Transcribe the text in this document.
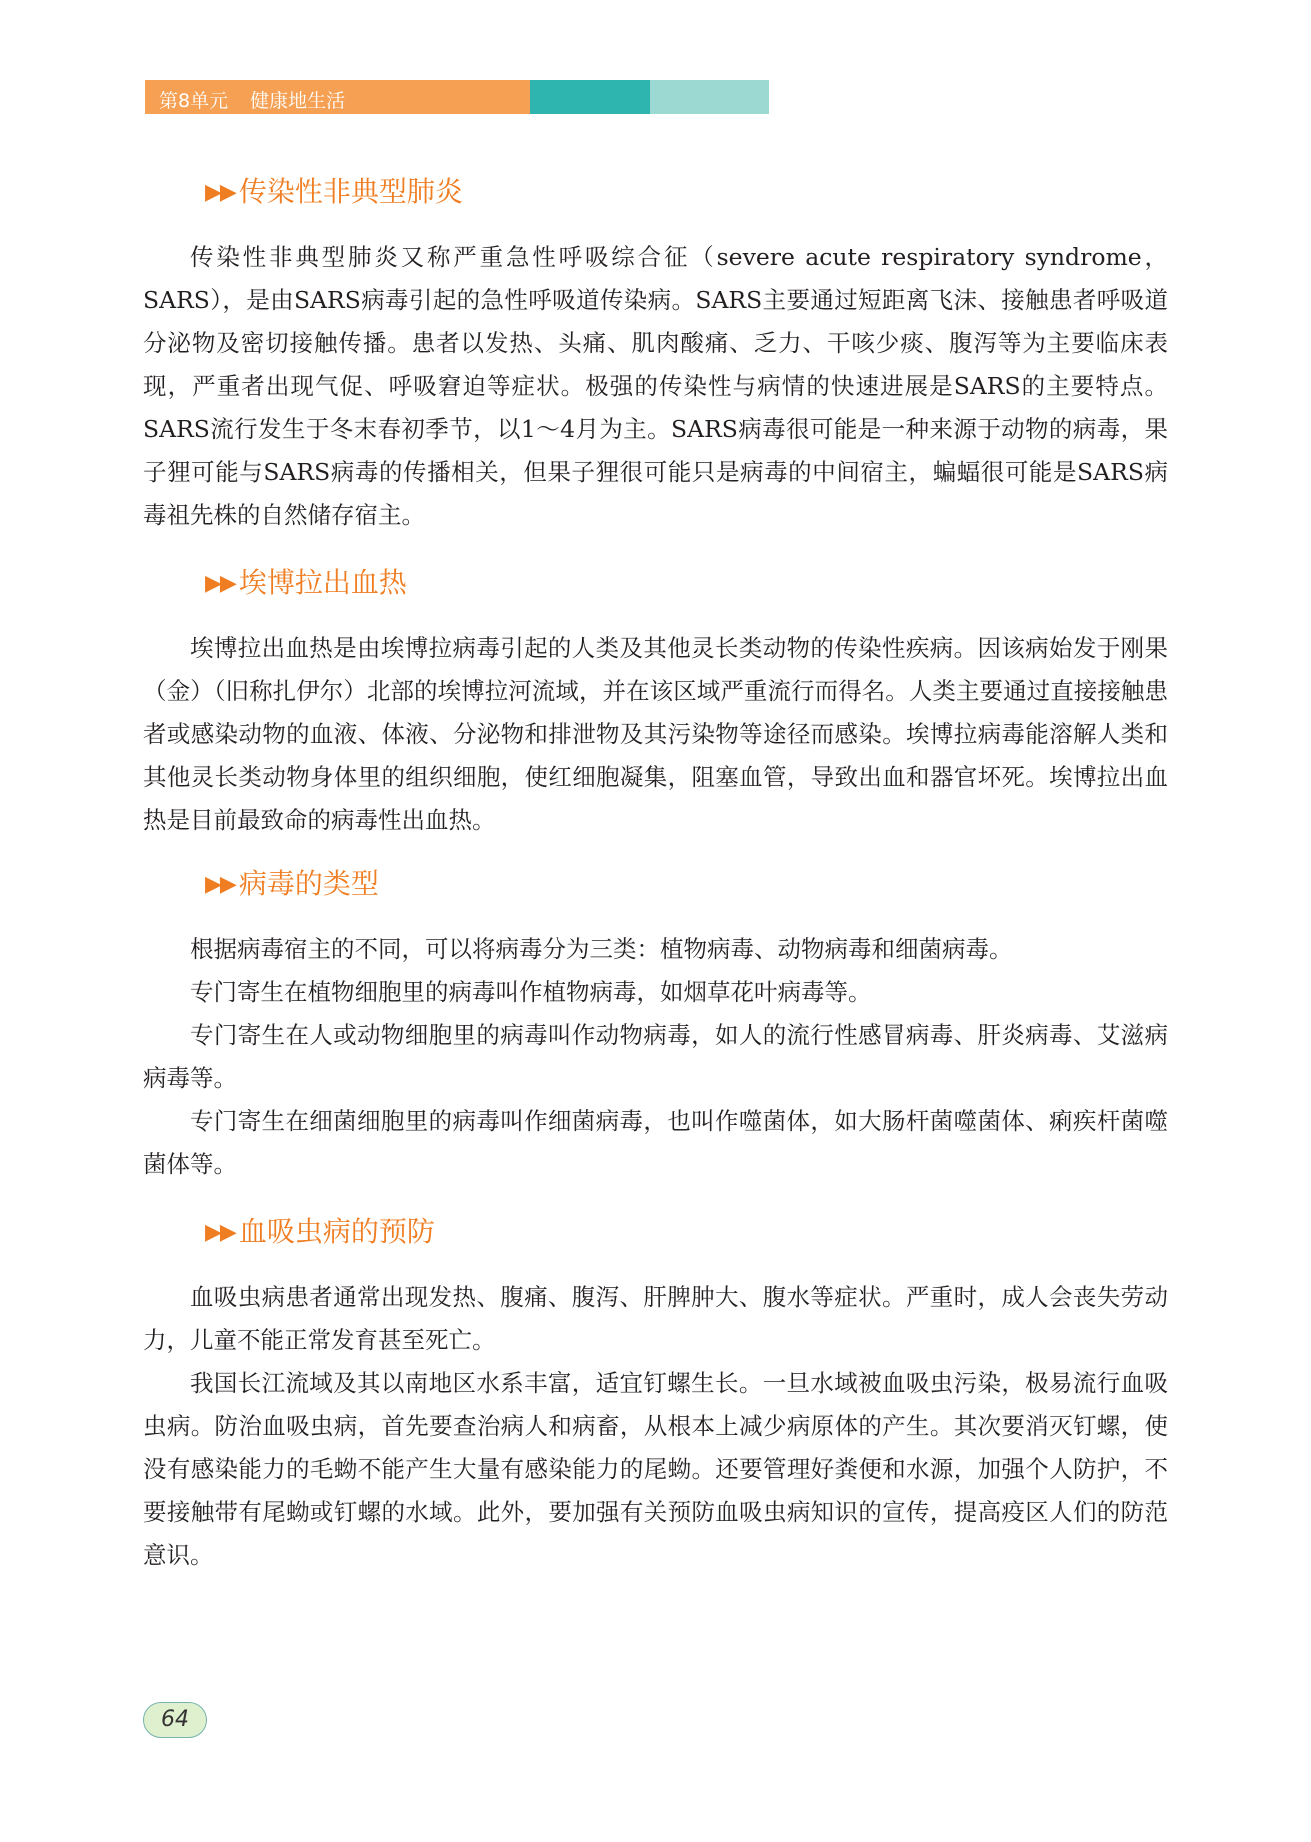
第8单元 健康地生活
▶▶ 传染性非典型肺炎

传染性非典型肺炎又称严重急性呼吸综合征（severe acute respiratory syndrome，SARS），是由SARS病毒引起的急性呼吸道传染病。SARS主要通过短距离飞沫、接触患者呼吸道分泌物及密切接触传播。患者以发热、头痛、肌肉酸痛、乏力、干咳少痰、腹泻等为主要临床表现，严重者出现气促、呼吸窘迫等症状。极强的传染性与病情的快速进展是SARS的主要特点。SARS流行发生于冬末春初季节，以1～4月为主。SARS病毒很可能是一种来源于动物的病毒，果子狸可能与SARS病毒的传播相关，但果子狸很可能只是病毒的中间宿主，蝙蝠很可能是SARS病毒祖先株的自然储存宿主。

▶▶ 埃博拉出血热

埃博拉出血热是由埃博拉病毒引起的人类及其他灵长类动物的传染性疾病。因该病始发于刚果（金）（旧称扎伊尔）北部的埃博拉河流域，并在该区域严重流行而得名。人类主要通过直接接触患者或感染动物的血液、体液、分泌物和排泄物及其污染物等途径而感染。埃博拉病毒能溶解人类和其他灵长类动物身体里的组织细胞，使红细胞凝集，阻塞血管，导致出血和器官坏死。埃博拉出血热是目前最致命的病毒性出血热。

▶▶ 病毒的类型

根据病毒宿主的不同，可以将病毒分为三类：植物病毒、动物病毒和细菌病毒。

专门寄生在植物细胞里的病毒叫作植物病毒，如烟草花叶病毒等。

专门寄生在人或动物细胞里的病毒叫作动物病毒，如人的流行性感冒病毒、肝炎病毒、艾滋病病毒等。

专门寄生在细菌细胞里的病毒叫作细菌病毒，也叫作噬菌体，如大肠杆菌噬菌体、痢疾杆菌噬菌体等。

▶▶ 血吸虫病的预防

血吸虫病患者通常出现发热、腹痛、腹泻、肝脾肿大、腹水等症状。严重时，成人会丧失劳动力，儿童不能正常发育甚至死亡。

我国长江流域及其以南地区水系丰富，适宜钉螺生长。一旦水域被血吸虫污染，极易流行血吸虫病。防治血吸虫病，首先要查治病人和病畜，从根本上减少病原体的产生。其次要消灭钉螺，使没有感染能力的毛蚴不能产生大量有感染能力的尾蚴。还要管理好粪便和水源，加强个人防护，不要接触带有尾蚴或钉螺的水域。此外，要加强有关预防血吸虫病知识的宣传，提高疫区人们的防范意识。

64
